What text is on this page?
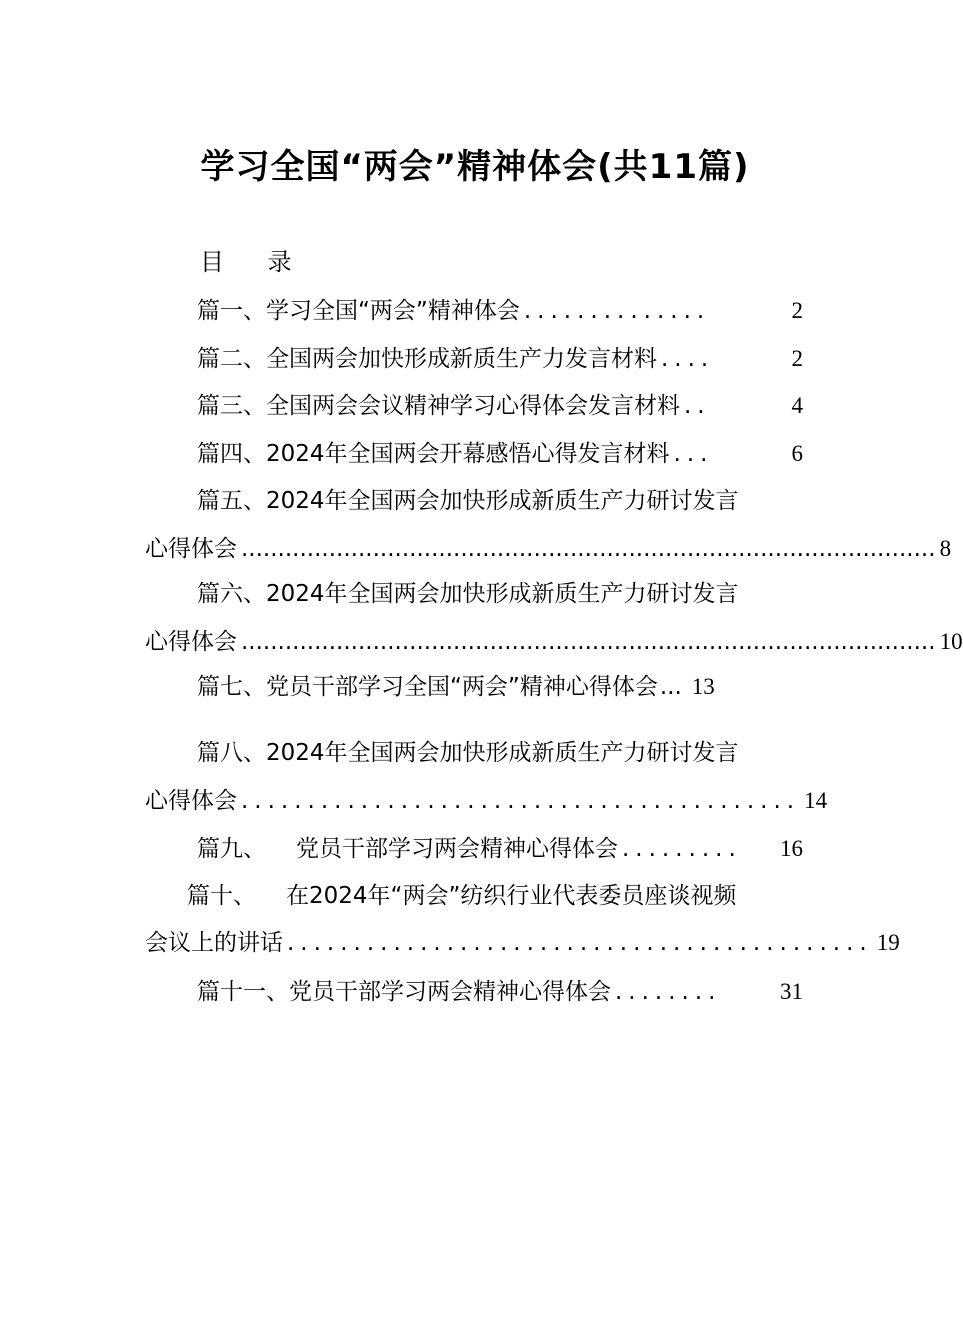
学习全国“两会”精神体会(共11篇)
目 录
篇一、学习全国“两会”精神体会 ..............	2
篇二、全国两会加快形成新质生产力发言材料 ....	2
篇三、全国两会会议精神学习心得体会发言材料 ..	4
篇四、2024年全国两会开幕感悟心得发言材料 ...	6
篇五、2024年全国两会加快形成新质生产力研讨发言
心得体会 ............................................................................................... 8
篇六、2024年全国两会加快形成新质生产力研讨发言
心得体会 ............................................................................................... 10
篇七、党员干部学习全国“两会”精神心得体会 ... 13
篇八、2024年全国两会加快形成新质生产力研讨发言
心得体会 .......................................... 14
篇九、 党员干部学习两会精神心得体会 .........	16
篇十、 在2024年“两会”纺织行业代表委员座谈视频
会议上的讲话 ............................................ 19
篇十一、党员干部学习两会精神心得体会 ........	31
